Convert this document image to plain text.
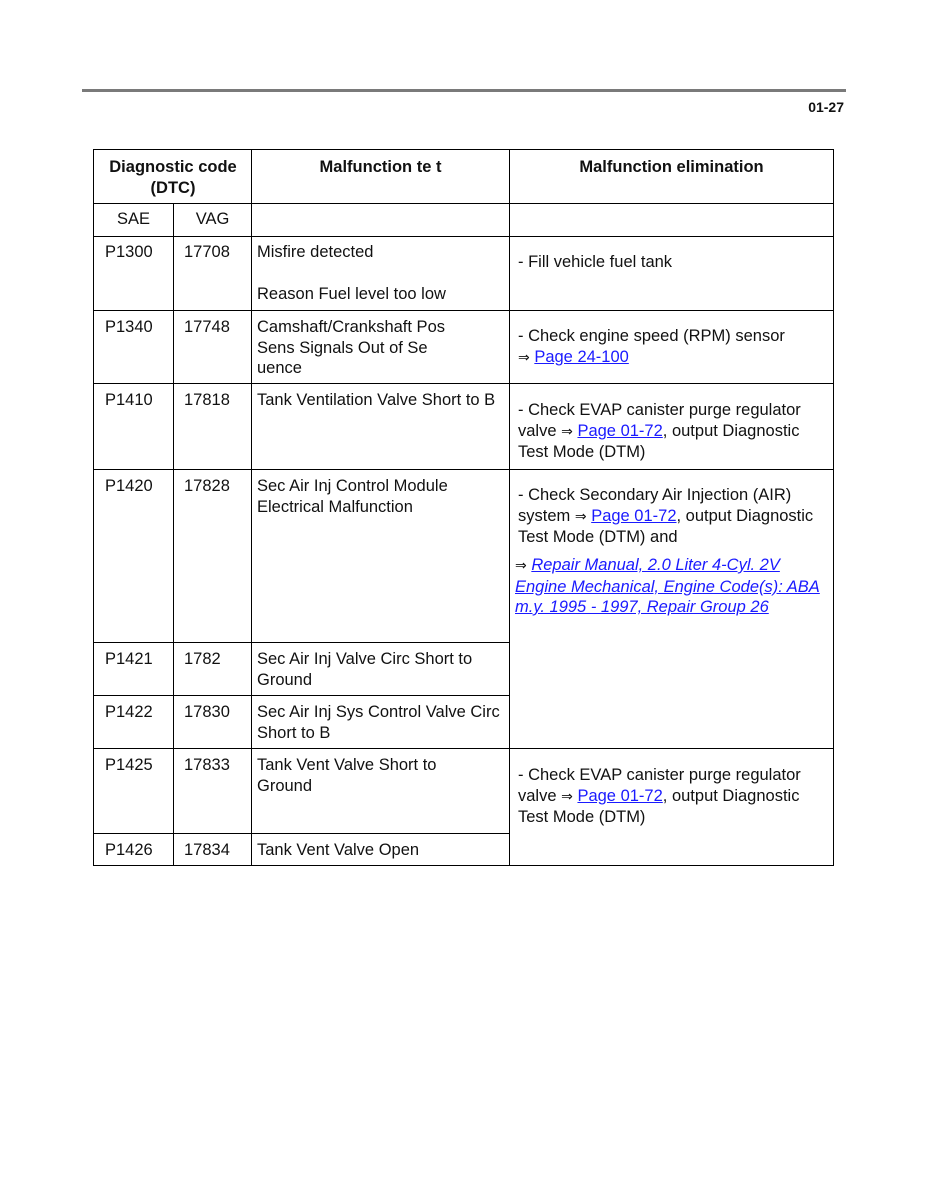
01-27
Diagnostic code (DTC)
Malfunction te t	Malfunction elimination
SAE	VAG
P1300 17708 Misfire detected
Reason Fuel level too low
- Fill vehicle fuel tank
P1340 17748 Camshaft/Crankshaft Pos Sens Signals Out of Se uence
- Check engine speed (RPM) sensor
⇒ Page 24-100
P1410 17818 Tank Ventilation Valve Short to B
- Check EVAP canister purge regulator valve ⇒ Page 01-72, output Diagnostic Test Mode (DTM)
P1420 17828 Sec Air Inj Control Module Electrical Malfunction
- Check Secondary Air Injection (AIR) system ⇒ Page 01-72, output Diagnostic Test Mode (DTM) and
⇒ Repair Manual, 2.0 Liter 4-Cyl. 2V Engine Mechanical, Engine Code(s): ABA m.y. 1995 - 1997, Repair Group 26
P1421 1782 Sec Air Inj Valve Circ Short to Ground
P1422 17830 Sec Air Inj Sys Control Valve Circ Short to B
P1425 17833 Tank Vent Valve Short to Ground
- Check EVAP canister purge regulator valve ⇒ Page 01-72, output Diagnostic Test Mode (DTM)
P1426 17834 Tank Vent Valve Open
